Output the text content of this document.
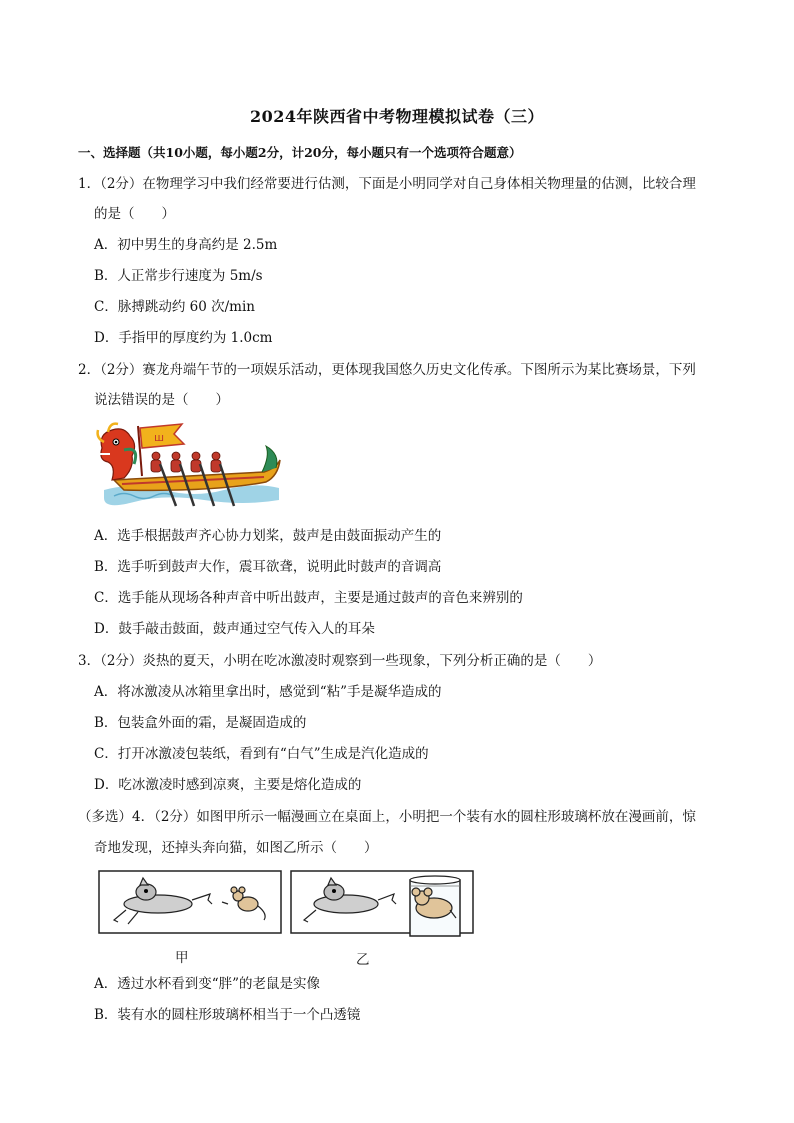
2024年陕西省中考物理模拟试卷（三）
一、选择题（共10小题，每小题2分，计20分，每小题只有一个选项符合题意）
1．（2分）在物理学习中我们经常要进行估测，下面是小明同学对自己身体相关物理量的估测，比较合理
的是（　　）
A．初中男生的身高约是 2.5m
B．人正常步行速度为 5m/s
C．脉搏跳动约 60 次/min
D．手指甲的厚度约为 1.0cm
2．（2分）赛龙舟端午节的一项娱乐活动，更体现我国悠久历史文化传承。下图所示为某比赛场景，下列
说法错误的是（　　）
ш
A．选手根据鼓声齐心协力划桨，鼓声是由鼓面振动产生的
B．选手听到鼓声大作，震耳欲聋，说明此时鼓声的音调高
C．选手能从现场各种声音中听出鼓声，主要是通过鼓声的音色来辨别的
D．鼓手敲击鼓面，鼓声通过空气传入人的耳朵
3．（2分）炎热的夏天，小明在吃冰激凌时观察到一些现象，下列分析正确的是（　　）
A．将冰激凌从冰箱里拿出时，感觉到“粘”手是凝华造成的
B．包装盒外面的霜，是凝固造成的
C．打开冰激凌包装纸，看到有“白气”生成是汽化造成的
D．吃冰激凌时感到凉爽，主要是熔化造成的
（多选）4．（2分）如图甲所示一幅漫画立在桌面上，小明把一个装有水的圆柱形玻璃杯放在漫画前，惊
奇地发现，还掉头奔向猫，如图乙所示（　　）
甲	乙
A．透过水杯看到变“胖”的老鼠是实像
B．装有水的圆柱形玻璃杯相当于一个凸透镜
